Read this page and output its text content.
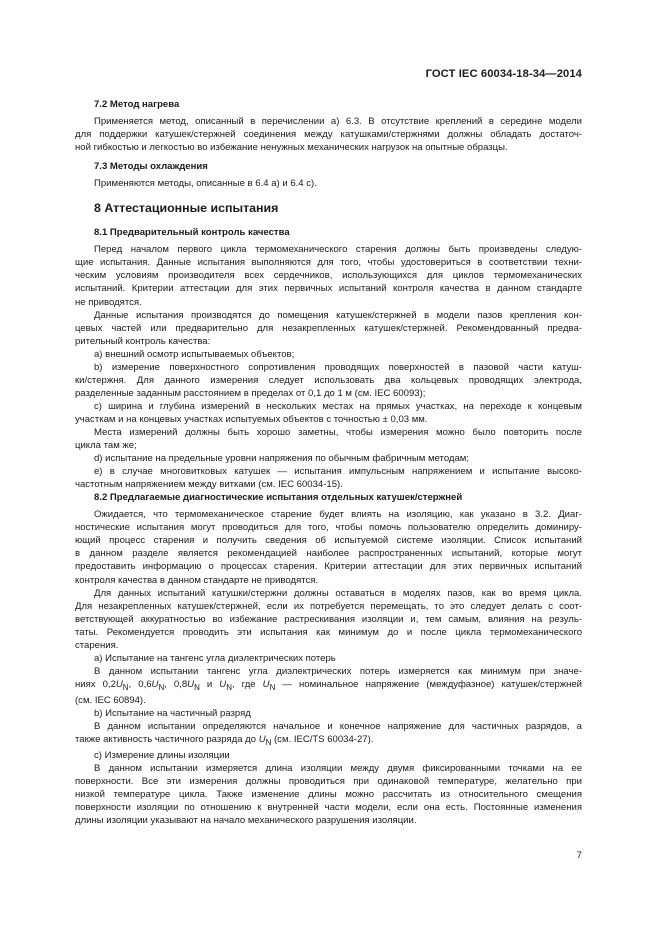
ГОСТ IEC 60034-18-34—2014

7.2 Метод нагрева

Применяется метод, описанный в перечислении а) 6.3. В отсутствие креплений в середине модели

для поддержки катушек/стержней соединения между катушками/стержнями должны обладать достаточ-

ной гибкостью и легкостью во избежание ненужных механических нагрузок на опытные образцы.

7.3 Методы охлаждения

Применяются методы, описанные в 6.4 а) и 6.4 с).

8 Аттестационные испытания

8.1 Предварительный контроль качества

Перед началом первого цикла термомеханического старения должны быть произведены следую-

щие испытания. Данные испытания выполняются для того, чтобы удостовериться в соответствии техни-

ческим условиям производителя всех сердечников, использующихся для циклов термомеханических

испытаний. Критерии аттестации для этих первичных испытаний контроля качества в данном стандарте

не приводятся.

Данные испытания производятся до помещения катушек/стержней в модели пазов крепления кон-

цевых частей или предварительно для незакрепленных катушек/стержней. Рекомендованный предва-

рительный контроль качества:

а) внешний осмотр испытываемых объектов;

b) измерение поверхностного сопротивления проводящих поверхностей в пазовой части катуш-

ки/стержня. Для данного измерения следует использовать два кольцевых проводящих электрода,

разделенные заданным расстоянием в пределах от 0,1 до 1 м (см. IEC 60093);

с) ширина и глубина измерений в нескольких местах на прямых участках, на переходе к концевым

участкам и на концевых участках испытуемых объектов с точностью ± 0,03 мм.

Места измерений должны быть хорошо заметны, чтобы измерения можно было повторить после

цикла там же;

d) испытание на предельные уровни напряжения по обычным фабричным методам;

е) в случае многовитковых катушек — испытания импульсным напряжением и испытание высоко-

частотным напряжением между витками (см. IEC 60034-15).

8.2 Предлагаемые диагностические испытания отдельных катушек/стержней

Ожидается, что термомеханическое старение будет влиять на изоляцию, как указано в 3.2. Диаг-

ностические испытания могут проводиться для того, чтобы помочь пользователю определить доминиру-

ющий процесс старения и получить сведения об испытуемой системе изоляции. Список испытаний

в данном разделе является рекомендацией наиболее распространенных испытаний, которые могут

предоставить информацию о процессах старения. Критерии аттестации для этих первичных испытаний

контроля качества в данном стандарте не приводятся.

Для данных испытаний катушки/стержни должны оставаться в моделях пазов, как во время цикла.

Для незакрепленных катушек/стержней, если их потребуется перемещать, то это следует делать с соот-

ветствующей аккуратностью во избежание растрескивания изоляции и, тем самым, влияния на резуль-

таты. Рекомендуется проводить эти испытания как минимум до и после цикла термомеханического

старения.

а) Испытание на тангенс угла диэлектрических потерь

В данном испытании тангенс угла диэлектрических потерь измеряется как минимум при значе-

ниях $0,2U_N$, $0,6U_N$, $0,8U_N$ и $U_N$, где $U_N$ — номинальное напряжение (междуфазное) катушек/стержней

(см. IEC 60894).

b) Испытание на частичный разряд

В данном испытании определяются начальное и конечное напряжение для частичных разрядов, а

также активность частичного разряда до $U_N$ (см. IEC/TS 60034-27).

с) Измерение длины изоляции

В данном испытании измеряется длина изоляции между двумя фиксированными точками на ее

поверхности. Все эти измерения должны проводиться при одинаковой температуре, желательно при

низкой температуре цикла. Также изменение длины можно рассчитать из относительного смещения

поверхности изоляции по отношению к внутренней части модели, если она есть. Постоянные изменения

длины изоляции указывают на начало механического разрушения изоляции.

7
